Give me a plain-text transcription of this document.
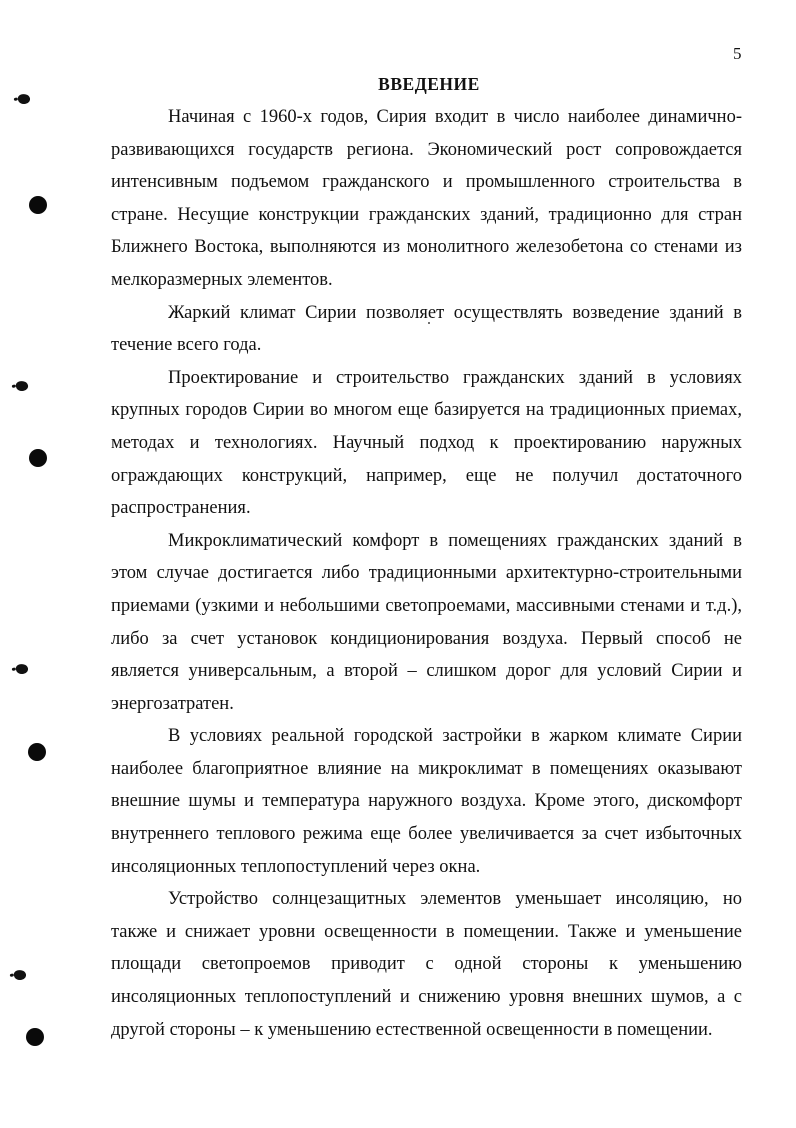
5
ВВЕДЕНИЕ

Начиная с 1960-х годов, Сирия входит в число наиболее динамично-развивающихся государств региона. Экономический рост сопровождается интенсивным подъемом гражданского и промышленного строительства в стране. Несущие конструкции гражданских зданий, традиционно для стран Ближнего Востока, выполняются из монолитного железобетона со стенами из мелкоразмерных элементов.

Жаркий климат Сирии позволяет осуществлять возведение зданий в течение всего года.

Проектирование и строительство гражданских зданий в условиях крупных городов Сирии во многом еще базируется на традиционных приемах, методах и технологиях. Научный подход к проектированию наружных ограждающих конструкций, например, еще не получил достаточного распространения.

Микроклиматический комфорт в помещениях гражданских зданий в этом случае достигается либо традиционными архитектурно-строительными приемами (узкими и небольшими светопроемами, массивными стенами и т.д.), либо за счет установок кондиционирования воздуха. Первый способ не является универсальным, а второй – слишком дорог для условий Сирии и энергозатратен.

В условиях реальной городской застройки в жарком климате Сирии наиболее благоприятное влияние на микроклимат в помещениях оказывают внешние шумы и температура наружного воздуха. Кроме этого, дискомфорт внутреннего теплового режима еще более увеличивается за счет избыточных инсоляционных теплопоступлений через окна.

Устройство солнцезащитных элементов уменьшает инсоляцию, но также и снижает уровни освещенности в помещении. Также и уменьшение площади светопроемов приводит с одной стороны к уменьшению инсоляционных теплопоступлений и снижению уровня внешних шумов, а с другой стороны – к уменьшению естественной освещенности в помещении.
